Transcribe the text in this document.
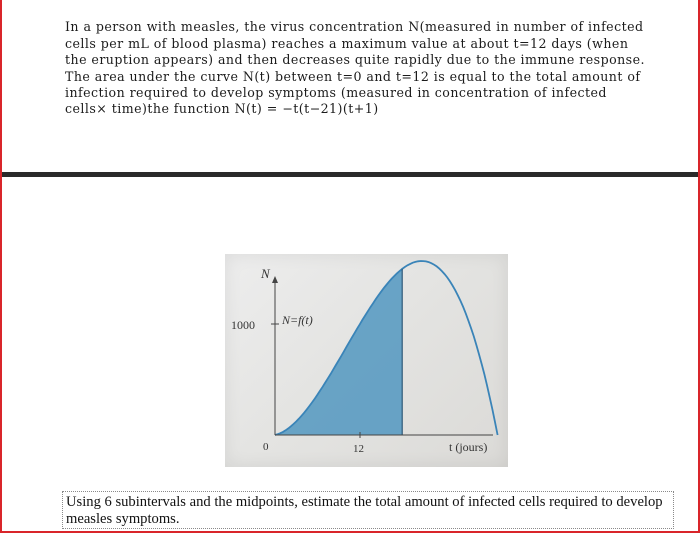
In a person with measles, the virus concentration N(measured in number of infected
cells per mL of blood plasma) reaches a maximum value at about t=12 days (when
the eruption appears) and then decreases quite rapidly due to the immune response.
The area under the curve N(t) between t=0 and t=12 is equal to the total amount of
infection required to develop symptoms (measured in concentration of infected
cells× time)the function N(t) = −t(t−21)(t+1)

N
1000 N=f(t)
0	12	t (jours)
Using 6 subintervals and the midpoints, estimate the total amount of infected cells required to develop measles symptoms.
